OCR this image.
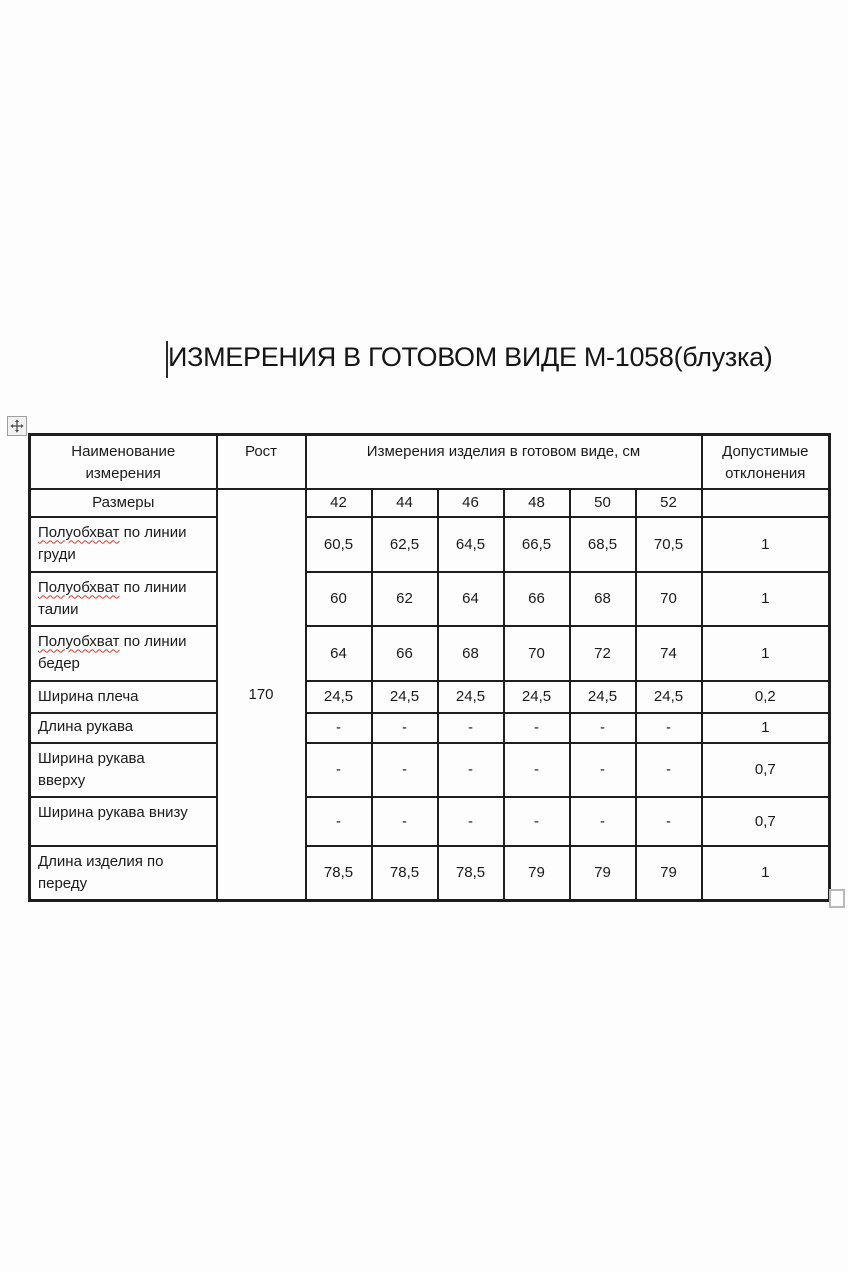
ИЗМЕРЕНИЯ В ГОТОВОМ ВИДЕ М-1058(блузка)
Наименование измерения	Рост	Измерения изделия в готовом виде, см						Допустимые отклонения
Размеры	170	42	44	46	48	50	52	
Полуобхват по линии груди		60,5	62,5	64,5	66,5	68,5	70,5	1
Полуобхват по линии талии		60	62	64	66	68	70	1
Полуобхват по линии бедер		64	66	68	70	72	74	1
Ширина плеча		24,5	24,5	24,5	24,5	24,5	24,5	0,2
Длина рукава		-	-	-	-	-	-	1
Ширина рукава вверху		-	-	-	-	-	-	0,7
Ширина рукава внизу		-	-	-	-	-	-	0,7
Длина изделия по переду		78,5	78,5	78,5	79	79	79	1
